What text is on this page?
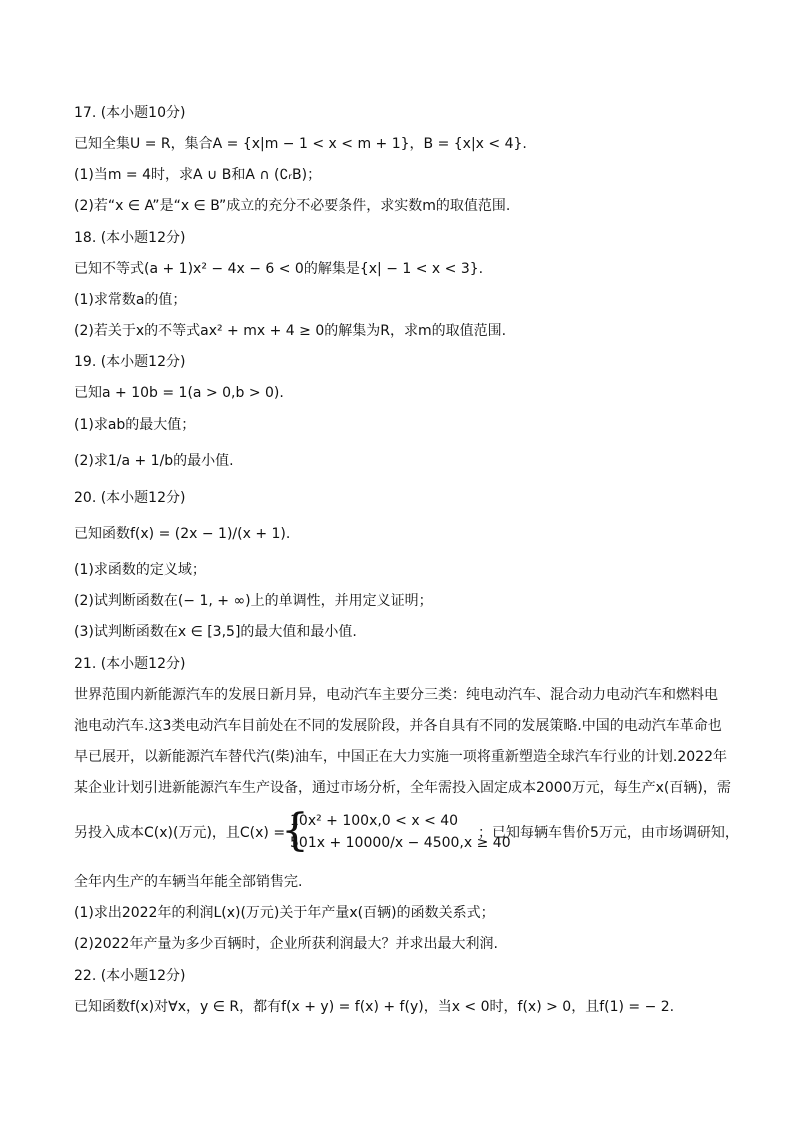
17. (本小题10分)
已知全集U = R，集合A = {x|m − 1 < x < m + 1}，B = {x|x < 4}.
(1)当m = 4时，求A ∪ B和A ∩ (∁ᵣB)；
(2)若“x ∈ A”是“x ∈ B”成立的充分不必要条件，求实数m的取值范围.
18. (本小题12分)
已知不等式(a + 1)x² − 4x − 6 < 0的解集是{x| − 1 < x < 3}.
(1)求常数a的值；
(2)若关于x的不等式ax² + mx + 4 ≥ 0的解集为R，求m的取值范围.
19. (本小题12分)
已知a + 10b = 1(a > 0,b > 0).
(1)求ab的最大值；
(2)求1/a + 1/b的最小值.
20. (本小题12分)
已知函数f(x) = (2x − 1)/(x + 1).
(1)求函数的定义域；
(2)试判断函数在(− 1, + ∞)上的单调性，并用定义证明；
(3)试判断函数在x ∈ [3,5]的最大值和最小值.
21. (本小题12分)
世界范围内新能源汽车的发展日新月异，电动汽车主要分三类：纯电动汽车、混合动力电动汽车和燃料电
池电动汽车.这3类电动汽车目前处在不同的发展阶段，并各自具有不同的发展策略.中国的电动汽车革命也
早已展开，以新能源汽车替代汽(柴)油车，中国正在大力实施一项将重新塑造全球汽车行业的计划.2022年
某企业计划引进新能源汽车生产设备，通过市场分析，全年需投入固定成本2000万元，每生产x(百辆)，需
另投入成本C(x)(万元)，且C(x) =
{
10x² + 100x,0 < x < 40
501x + 10000/x − 4500,x ≥ 40
；已知每辆车售价5万元，由市场调研知，
全年内生产的车辆当年能全部销售完.
(1)求出2022年的利润L(x)(万元)关于年产量x(百辆)的函数关系式；
(2)2022年产量为多少百辆时，企业所获利润最大？并求出最大利润.
22. (本小题12分)
已知函数f(x)对∀x，y ∈ R，都有f(x + y) = f(x) + f(y)，当x < 0时，f(x) > 0，且f(1) = − 2.
